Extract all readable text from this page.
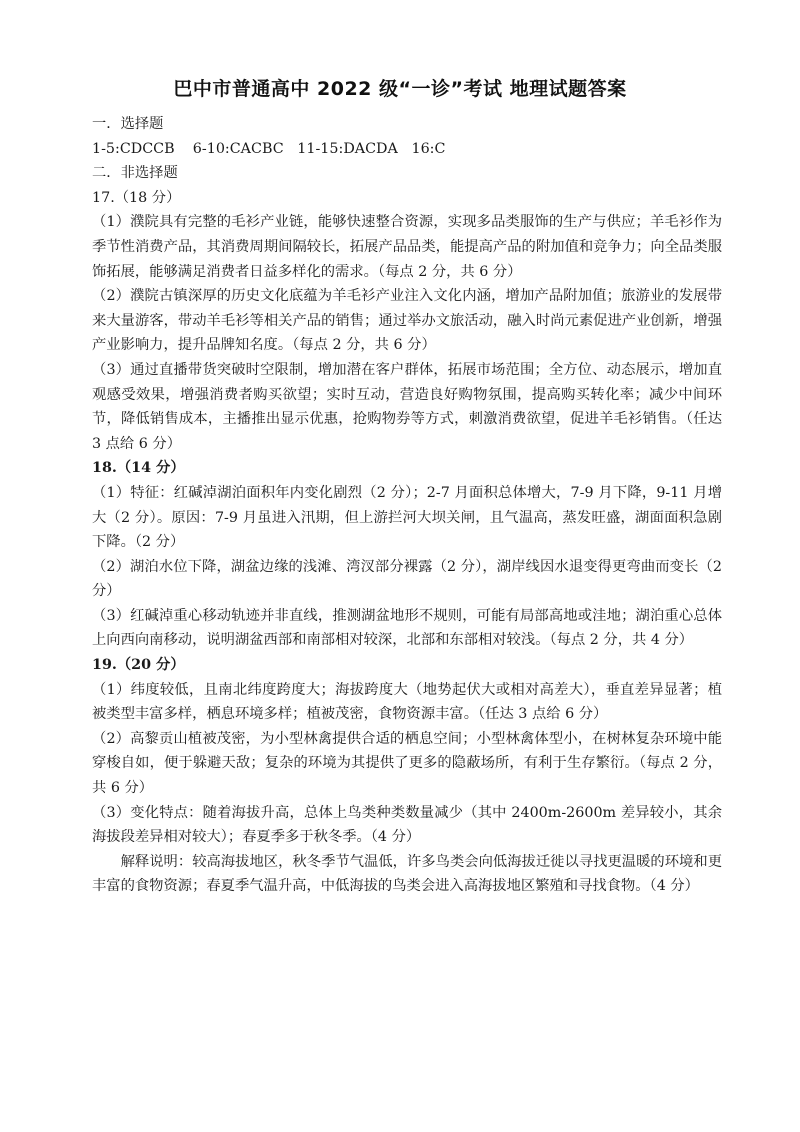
巴中市普通高中 2022 级“一诊”考试 地理试题答案

一．选择题

1-5:CDCCB    6-10:CACBC   11-15:DACDA   16:C

二．非选择题

17.（18 分）

（1）濮院具有完整的毛衫产业链，能够快速整合资源，实现多品类服饰的生产与供应；羊毛衫作为季节性消费产品，其消费周期间隔较长，拓展产品品类，能提高产品的附加值和竞争力；向全品类服饰拓展，能够满足消费者日益多样化的需求。（每点 2 分，共 6 分）

（2）濮院古镇深厚的历史文化底蕴为羊毛衫产业注入文化内涵，增加产品附加值；旅游业的发展带来大量游客，带动羊毛衫等相关产品的销售；通过举办文旅活动，融入时尚元素促进产业创新，增强产业影响力，提升品牌知名度。（每点 2 分，共 6 分）

（3）通过直播带货突破时空限制，增加潜在客户群体，拓展市场范围；全方位、动态展示，增加直观感受效果，增强消费者购买欲望；实时互动，营造良好购物氛围，提高购买转化率；减少中间环节，降低销售成本，主播推出显示优惠，抢购物券等方式，刺激消费欲望，促进羊毛衫销售。（任达 3 点给 6 分）

18.（14 分）

（1）特征：红碱淖湖泊面积年内变化剧烈（2 分）；2-7 月面积总体增大，7-9 月下降，9-11 月增大（2 分）。原因：7-9 月虽进入汛期，但上游拦河大坝关闸，且气温高，蒸发旺盛，湖面面积急剧下降。（2 分）

（2）湖泊水位下降，湖盆边缘的浅滩、湾汊部分裸露（2 分），湖岸线因水退变得更弯曲而变长（2 分）

（3）红碱淖重心移动轨迹并非直线，推测湖盆地形不规则，可能有局部高地或洼地；湖泊重心总体上向西向南移动，说明湖盆西部和南部相对较深，北部和东部相对较浅。（每点 2 分，共 4 分）

19.（20 分）

（1）纬度较低，且南北纬度跨度大；海拔跨度大（地势起伏大或相对高差大），垂直差异显著；植被类型丰富多样，栖息环境多样；植被茂密，食物资源丰富。（任达 3 点给 6 分）

（2）高黎贡山植被茂密，为小型林禽提供合适的栖息空间；小型林禽体型小，在树林复杂环境中能穿梭自如，便于躲避天敌；复杂的环境为其提供了更多的隐蔽场所，有利于生存繁衍。（每点 2 分，共 6 分）

（3）变化特点：随着海拔升高，总体上鸟类种类数量减少（其中 2400m-2600m 差异较小，其余海拔段差异相对较大）；春夏季多于秋冬季。（4 分）

解释说明：较高海拔地区，秋冬季节气温低，许多鸟类会向低海拔迁徙以寻找更温暖的环境和更丰富的食物资源；春夏季气温升高，中低海拔的鸟类会进入高海拔地区繁殖和寻找食物。（4 分）
